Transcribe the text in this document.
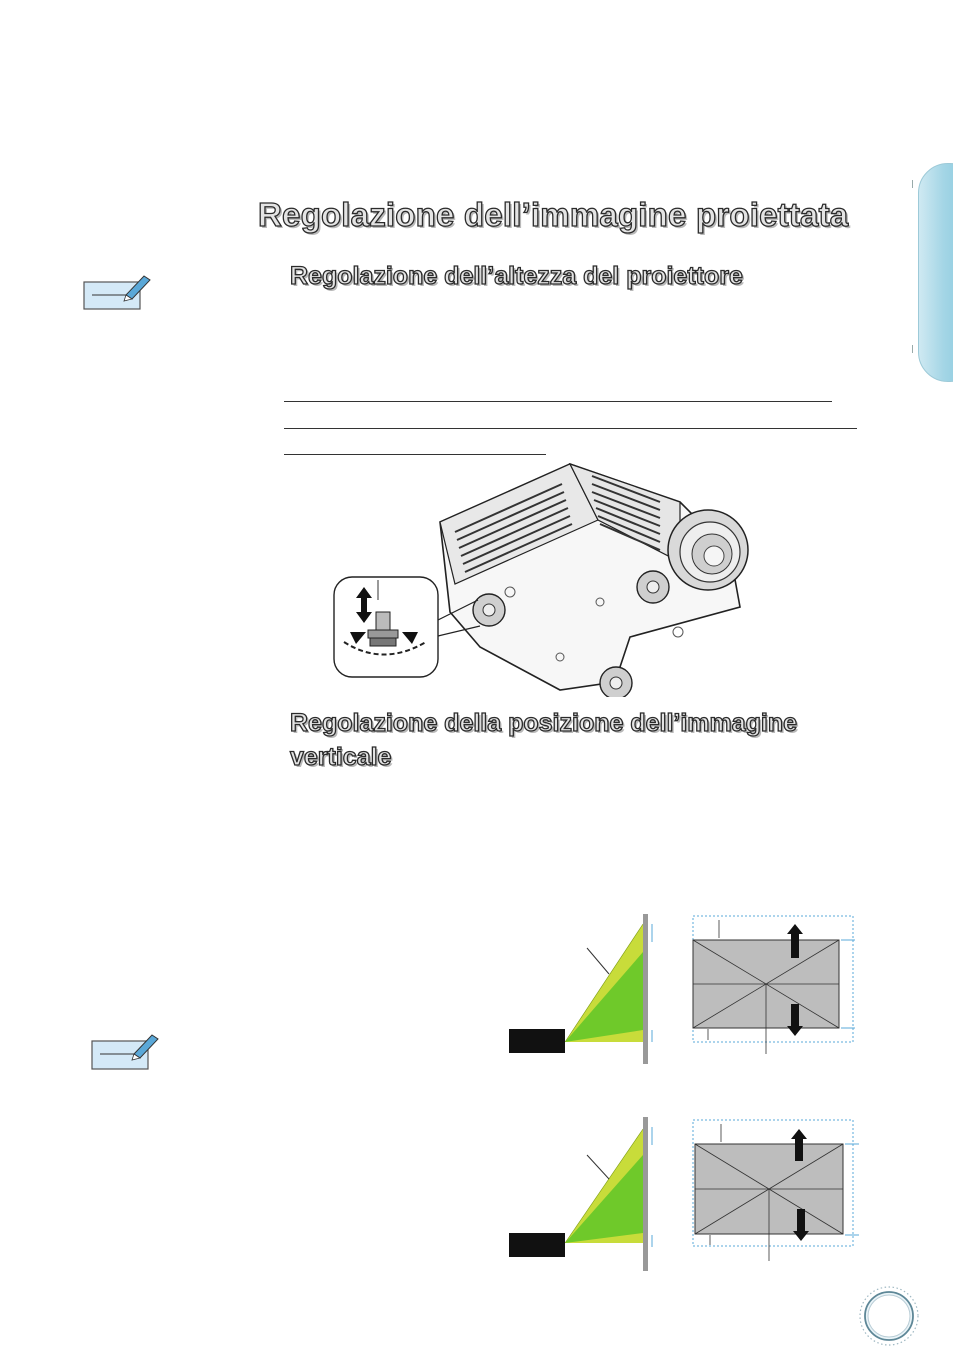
Regolazione dell’immagine proiettata
Regolazione dell’altezza del proiettore
Regolazione della posizione dell’immagine verticale
